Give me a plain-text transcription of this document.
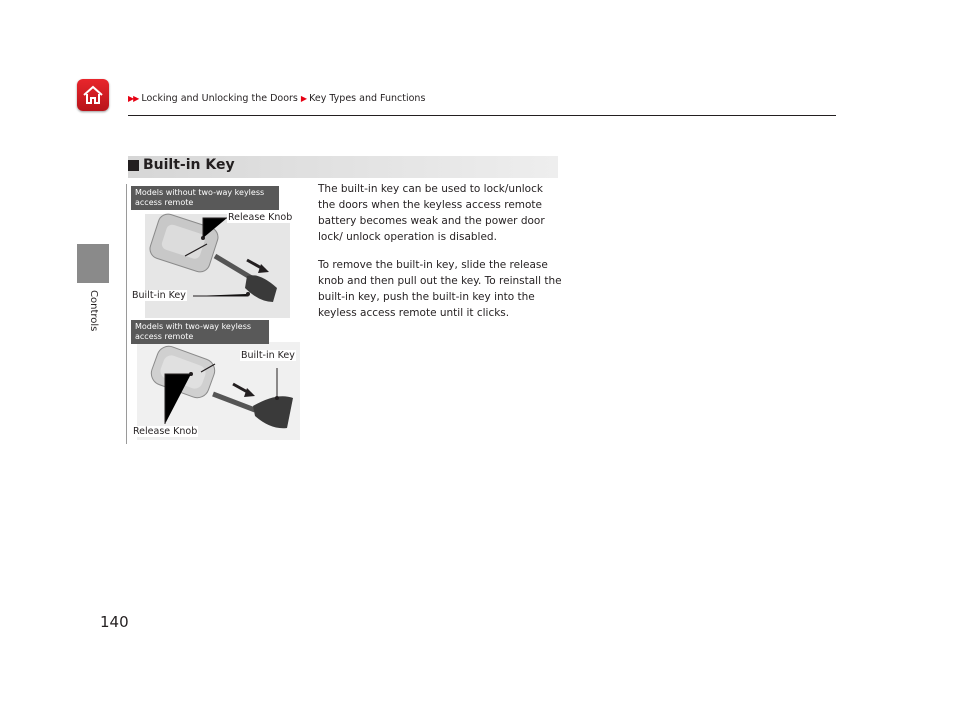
▶▶ Locking and Unlocking the Doors ▶ Key Types and Functions
Controls
Built-in Key
Models without two-way keyless access remote
Models with two-way keyless access remote
Release Knob
Built-in Key
Built-in Key
Release Knob

The built-in key can be used to lock/unlock the doors when the keyless access remote battery becomes weak and the power door lock/ unlock operation is disabled.

To remove the built-in key, slide the release knob and then pull out the key. To reinstall the built-in key, push the built-in key into the keyless access remote until it clicks.

140
